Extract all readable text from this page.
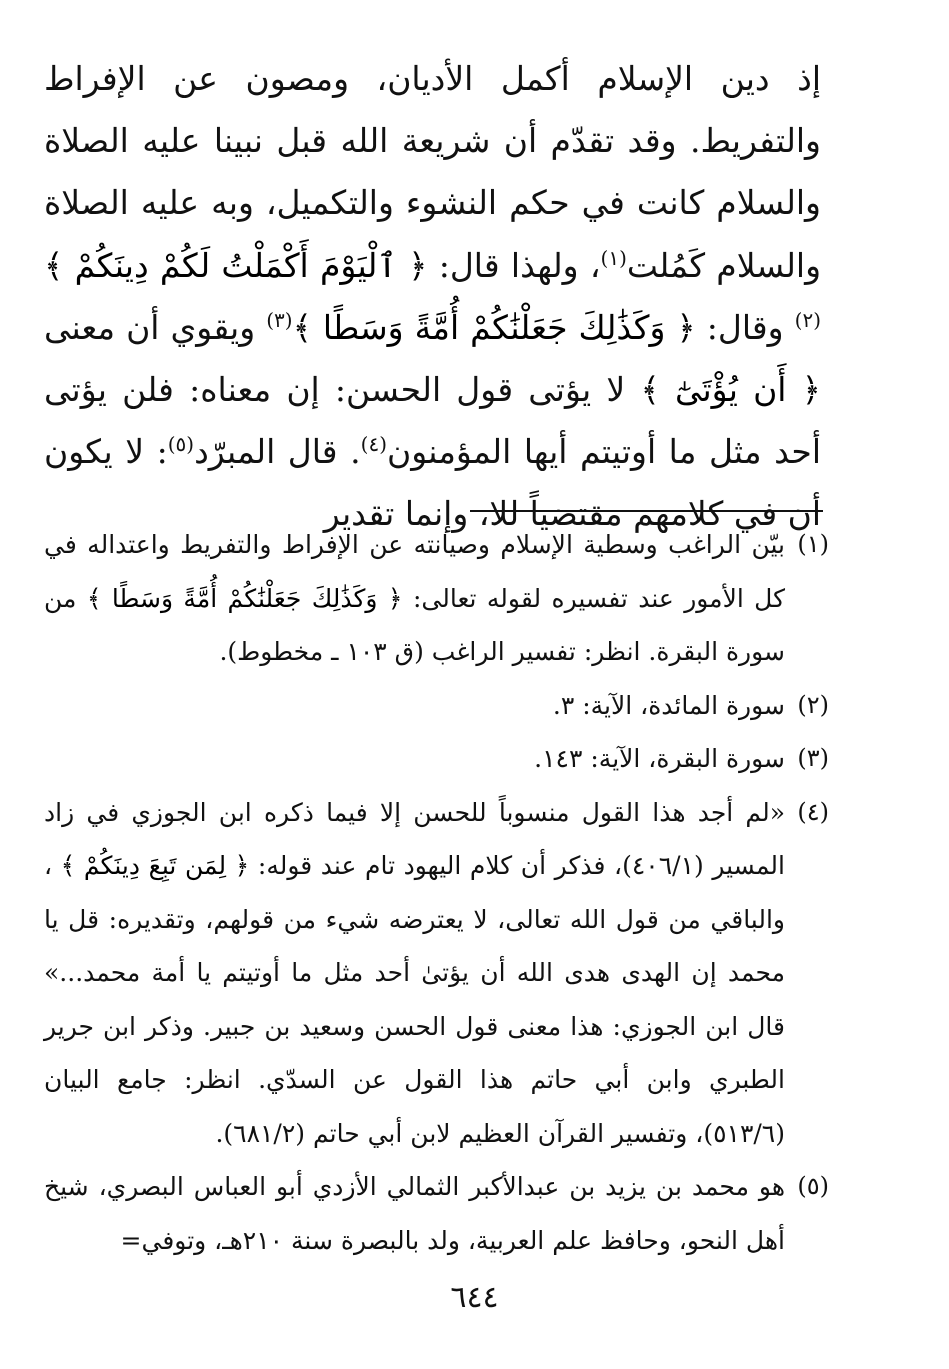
إذ دين الإسلام أكمل الأديان، ومصون عن الإفراط والتفريط. وقد تقدّم أن شريعة الله قبل نبينا عليه الصلاة والسلام كانت في حكم النشوء والتكميل، وبه عليه الصلاة والسلام كَمُلت$^{(١)}$، ولهذا قال: ﴿ ٱلْيَوْمَ أَكْمَلْتُ لَكُمْ دِينَكُمْ ﴾$^{(٢)}$ وقال: ﴿ وَكَذَٰلِكَ جَعَلْنَٰكُمْ أُمَّةً وَسَطًا ﴾$^{(٣)}$ ويقوي أن معنى ﴿ أَن يُؤْتَىٰٓ ﴾ لا يؤتى قول الحسن: إن معناه: فلن يؤتى أحد مثل ما أوتيتم أيها المؤمنون$^{(٤)}$. قال المبرّد$^{(٥)}$: لا يكون أن في كلامهم مقتضياً للا، وإنما تقدير

(١)
بيّن الراغب وسطية الإسلام وصيانته عن الإفراط والتفريط واعتداله في كل الأمور عند تفسيره لقوله تعالى: ﴿ وَكَذَٰلِكَ جَعَلْنَٰكُمْ أُمَّةً وَسَطًا ﴾ من سورة البقرة. انظر: تفسير الراغب (ق ١٠٣ ـ مخطوط).
(٢)
سورة المائدة، الآية: ٣.
(٣)
سورة البقرة، الآية: ١٤٣.
(٤)
«لم أجد هذا القول منسوباً للحسن إلا فيما ذكره ابن الجوزي في زاد المسير (٤٠٦/١)، فذكر أن كلام اليهود تام عند قوله: ﴿ لِمَن تَبِعَ دِينَكُمْ ﴾ ، والباقي من قول الله تعالى، لا يعترضه شيء من قولهم، وتقديره: قل يا محمد إن الهدى هدى الله أن يؤتىٰ أحد مثل ما أوتيتم يا أمة محمد...» قال ابن الجوزي: هذا معنى قول الحسن وسعيد بن جبير. وذكر ابن جرير الطبري وابن أبي حاتم هذا القول عن السدّي. انظر: جامع البيان (٥١٣/٦)، وتفسير القرآن العظيم لابن أبي حاتم (٦٨١/٢).
(٥)
هو محمد بن يزيد بن عبدالأكبر الثمالي الأزدي أبو العباس البصري، شيخ أهل النحو، وحافظ علم العربية، ولد بالبصرة سنة ٢١٠هـ، وتوفي=
٦٤٤
